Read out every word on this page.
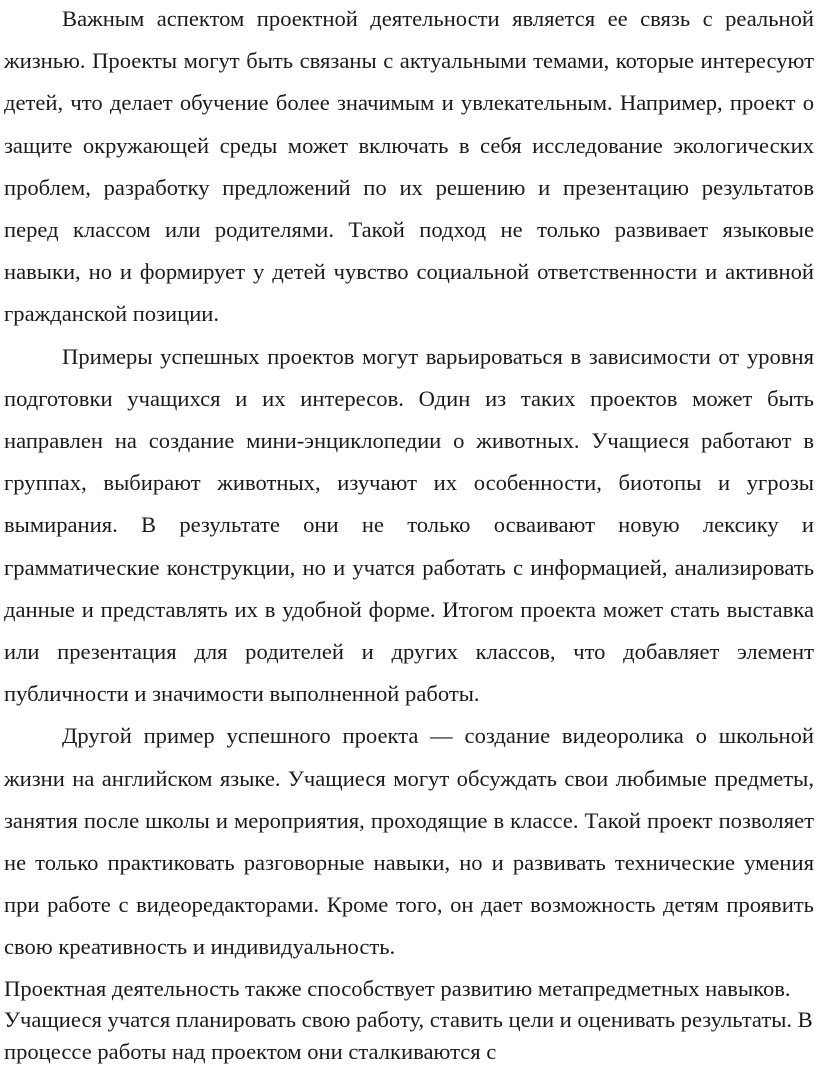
Важным аспектом проектной деятельности является ее связь с реальной жизнью. Проекты могут быть связаны с актуальными темами, которые интересуют детей, что делает обучение более значимым и увлекательным. Например, проект о защите окружающей среды может включать в себя исследование экологических проблем, разработку предложений по их решению и презентацию результатов перед классом или родителями. Такой подход не только развивает языковые навыки, но и формирует у детей чувство социальной ответственности и активной гражданской позиции.

Примеры успешных проектов могут варьироваться в зависимости от уровня подготовки учащихся и их интересов. Один из таких проектов может быть направлен на создание мини-энциклопедии о животных. Учащиеся работают в группах, выбирают животных, изучают их особенности, биотопы и угрозы вымирания. В результате они не только осваивают новую лексику и грамматические конструкции, но и учатся работать с информацией, анализировать данные и представлять их в удобной форме. Итогом проекта может стать выставка или презентация для родителей и других классов, что добавляет элемент публичности и значимости выполненной работы.

Другой пример успешного проекта — создание видеоролика о школьной жизни на английском языке. Учащиеся могут обсуждать свои любимые предметы, занятия после школы и мероприятия, проходящие в классе. Такой проект позволяет не только практиковать разговорные навыки, но и развивать технические умения при работе с видеоредакторами. Кроме того, он дает возможность детям проявить свою креативность и индивидуальность.

Проектная деятельность также способствует развитию метапредметных навыков. Учащиеся учатся планировать свою работу, ставить цели и оценивать результаты. В процессе работы над проектом они сталкиваются с
